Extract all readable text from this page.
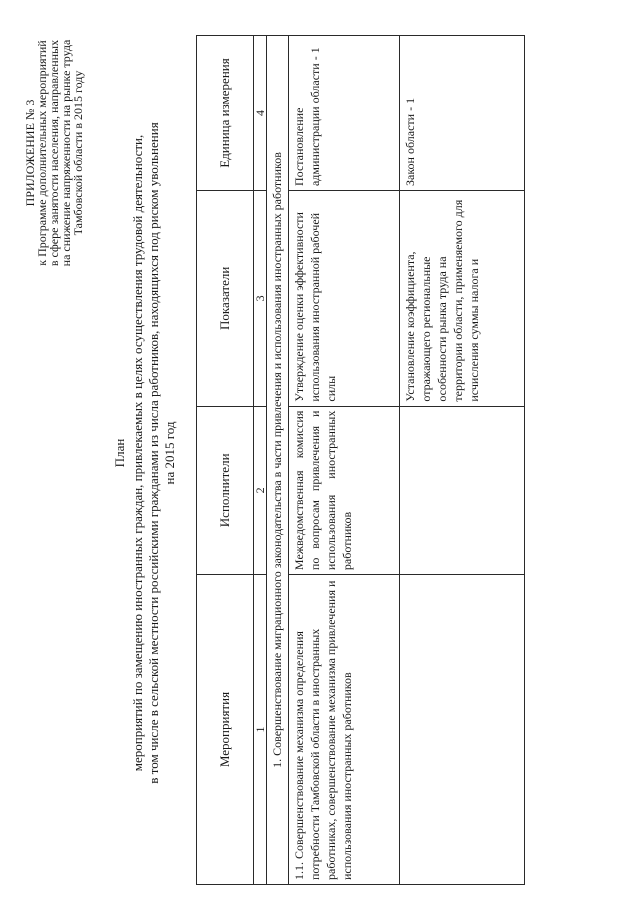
ПРИЛОЖЕНИЕ № 3
к Программе дополнительных мероприятий
в сфере занятости населения, направленных
на снижение напряженности на рынке труда
Тамбовской области в 2015 году
План мероприятий по замещению иностранных граждан, привлекаемых в целях осуществления трудовой деятельности, в том числе в сельской местности российскими гражданами из числа работников, находящихся под риском увольнения на 2015 год
Мероприятия	Исполнители	Показатели	Единица измерения
1	2	3	4
1. Совершенствование миграционного законодательства в части привлечения и использования иностранных работников			
1.1. Совершенствование механизма определения потребности Тамбовской области в иностранных работниках, совершенствование механизма привлечения и использования иностранных работников	Межведомственная комиссия по вопросам привлечения и использования иностранных работников	Утверждение оценки эффективности использования иностранной рабочей силы	Постановление администрации области - 1
		Установление коэффициента, отражающего региональные особенности рынка труда на территории области, применяемого для исчисления суммы налога и	Закон области - 1
